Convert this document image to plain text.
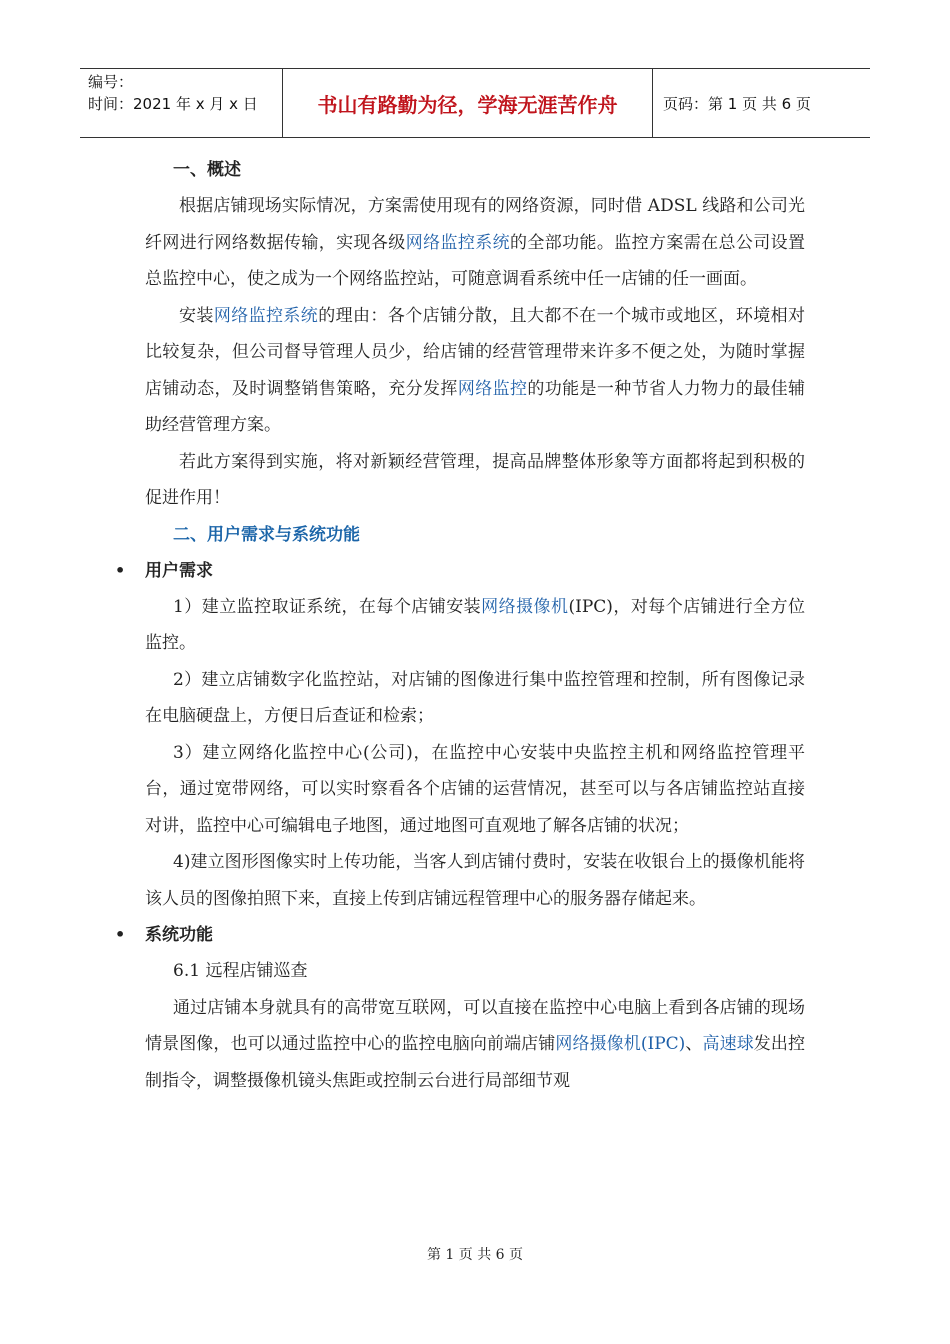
编号：
时间：2021 年 x 月 x 日	书山有路勤为径，学海无涯苦作舟	页码：第 1 页 共 6 页
一、概述

根据店铺现场实际情况，方案需使用现有的网络资源，同时借 ADSL 线路和公司光纤网进行网络数据传输，实现各级网络监控系统的全部功能。监控方案需在总公司设置总监控中心，使之成为一个网络监控站，可随意调看系统中任一店铺的任一画面。

安装网络监控系统的理由：各个店铺分散，且大都不在一个城市或地区，环境相对比较复杂，但公司督导管理人员少，给店铺的经营管理带来许多不便之处，为随时掌握店铺动态，及时调整销售策略，充分发挥网络监控的功能是一种节省人力物力的最佳辅助经营管理方案。

若此方案得到实施，将对新颖经营管理，提高品牌整体形象等方面都将起到积极的促进作用！

二、用户需求与系统功能
• 用户需求

1）建立监控取证系统，在每个店铺安装网络摄像机(IPC)，对每个店铺进行全方位监控。

2）建立店铺数字化监控站，对店铺的图像进行集中监控管理和控制，所有图像记录在电脑硬盘上，方便日后查证和检索；

3）建立网络化监控中心(公司)，在监控中心安装中央监控主机和网络监控管理平台，通过宽带网络，可以实时察看各个店铺的运营情况，甚至可以与各店铺监控站直接对讲，监控中心可编辑电子地图，通过地图可直观地了解各店铺的状况；

4)建立图形图像实时上传功能，当客人到店铺付费时，安装在收银台上的摄像机能将该人员的图像拍照下来，直接上传到店铺远程管理中心的服务器存储起来。

• 系统功能

6.1 远程店铺巡查

通过店铺本身就具有的高带宽互联网，可以直接在监控中心电脑上看到各店铺的现场情景图像，也可以通过监控中心的监控电脑向前端店铺网络摄像机(IPC)、高速球发出控制指令，调整摄像机镜头焦距或控制云台进行局部细节观

第 1 页 共 6 页
